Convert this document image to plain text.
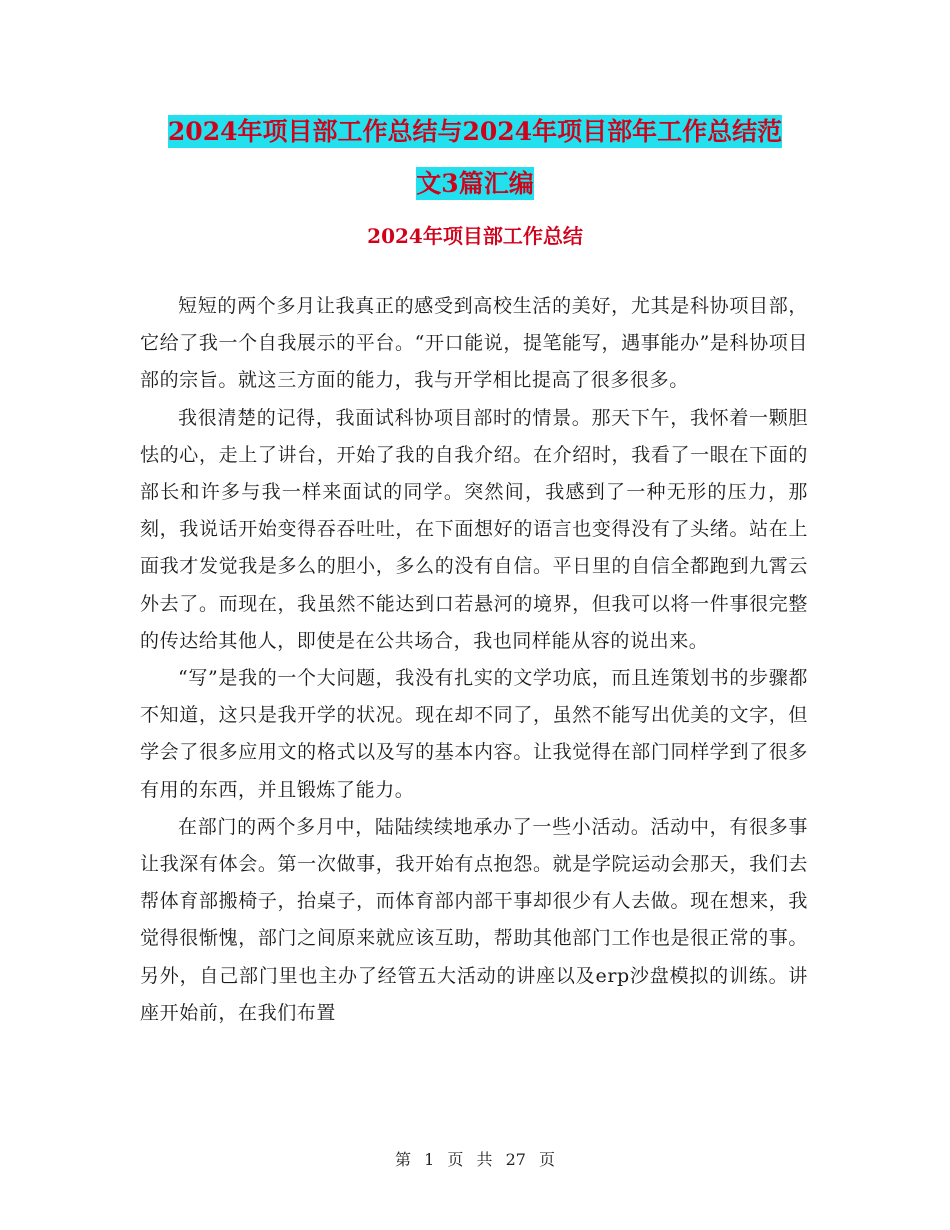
2024年项目部工作总结与2024年项目部年工作总结范
文3篇汇编
2024年项目部工作总结

短短的两个多月让我真正的感受到高校生活的美好，尤其是科协项目部，它给了我一个自我展示的平台。“开口能说，提笔能写，遇事能办”是科协项目部的宗旨。就这三方面的能力，我与开学相比提高了很多很多。

我很清楚的记得，我面试科协项目部时的情景。那天下午，我怀着一颗胆怯的心，走上了讲台，开始了我的自我介绍。在介绍时，我看了一眼在下面的部长和许多与我一样来面试的同学。突然间，我感到了一种无形的压力，那刻，我说话开始变得吞吞吐吐，在下面想好的语言也变得没有了头绪。站在上面我才发觉我是多么的胆小，多么的没有自信。平日里的自信全都跑到九霄云外去了。而现在，我虽然不能达到口若悬河的境界，但我可以将一件事很完整的传达给其他人，即使是在公共场合，我也同样能从容的说出来。

“写”是我的一个大问题，我没有扎实的文学功底，而且连策划书的步骤都不知道，这只是我开学的状况。现在却不同了，虽然不能写出优美的文字，但学会了很多应用文的格式以及写的基本内容。让我觉得在部门同样学到了很多有用的东西，并且锻炼了能力。

在部门的两个多月中，陆陆续续地承办了一些小活动。活动中，有很多事让我深有体会。第一次做事，我开始有点抱怨。就是学院运动会那天，我们去帮体育部搬椅子，抬桌子，而体育部内部干事却很少有人去做。现在想来，我觉得很惭愧，部门之间原来就应该互助，帮助其他部门工作也是很正常的事。另外，自己部门里也主办了经管五大活动的讲座以及erp沙盘模拟的训练。讲座开始前，在我们布置

第 1 页 共 27 页
